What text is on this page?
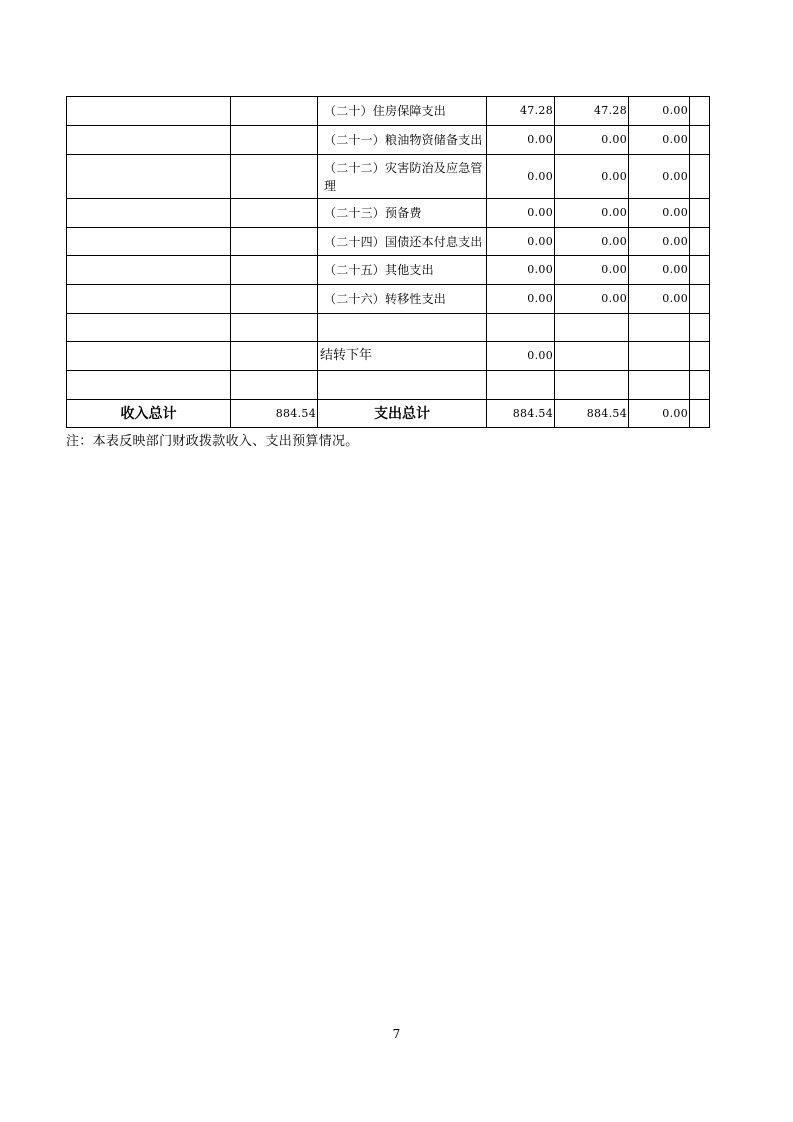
		（二十）住房保障支出	47.28	47.28	0.00	
		（二十一）粮油物资储备支出	0.00	0.00	0.00	
		（二十二）灾害防治及应急管理	0.00	0.00	0.00	
		（二十三）预备费	0.00	0.00	0.00	
		（二十四）国债还本付息支出	0.00	0.00	0.00	
		（二十五）其他支出	0.00	0.00	0.00	
		（二十六）转移性支出	0.00	0.00	0.00	

		结转下年	0.00			

收入总计	884.54	支出总计	884.54	884.54	0.00	
注：本表反映部门财政拨款收入、支出预算情况。
7
